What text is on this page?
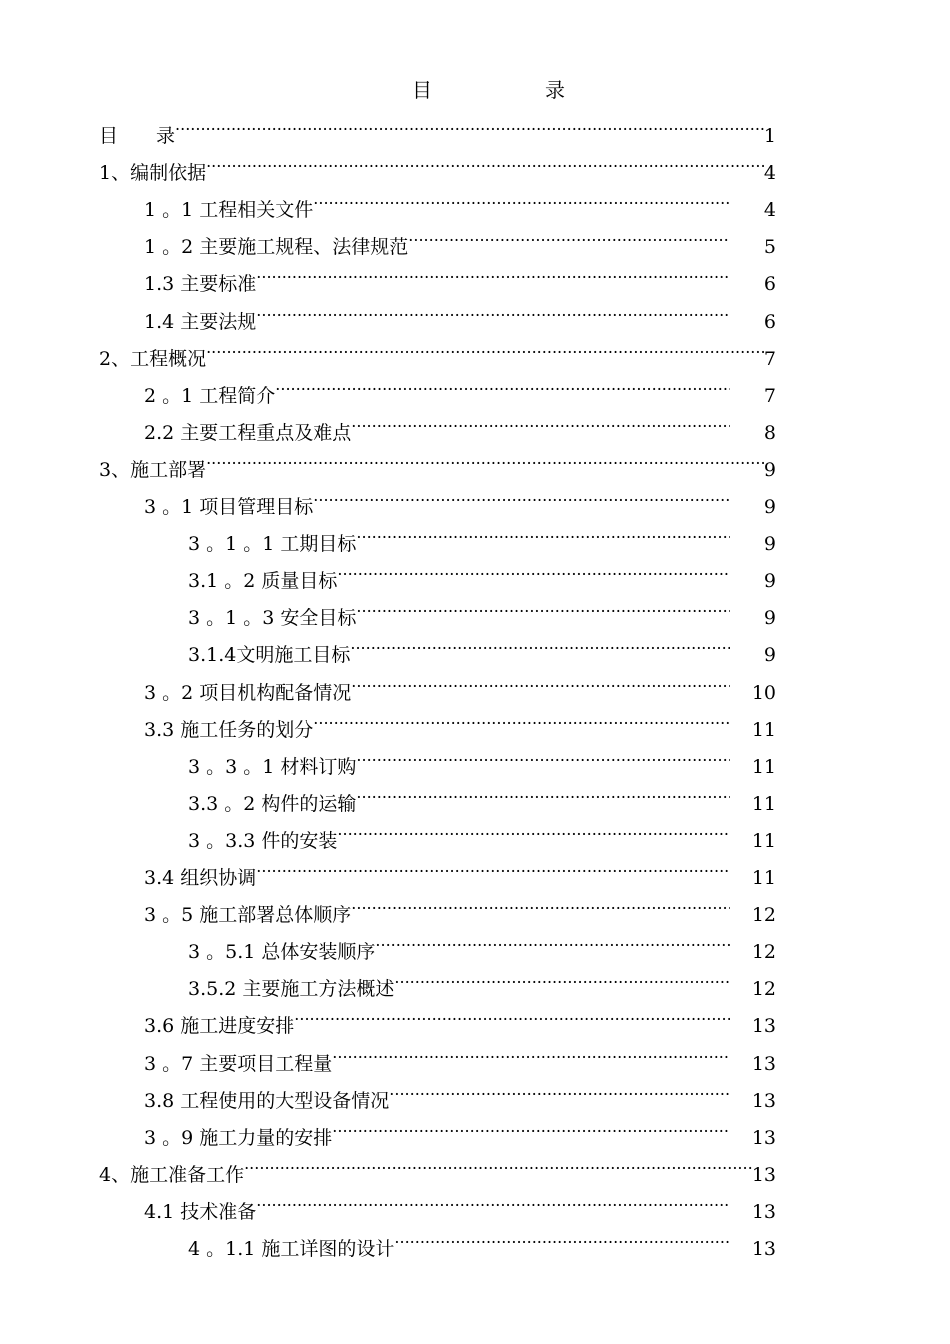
目	录
目　　录 .....	1
1、编制依据 .....	4
1 。1 工程相关文件 .....	4
1 。2 主要施工规程、法律规范 .....	5
1.3 主要标准 .....	6
1.4 主要法规 .....	6
2、工程概况 .....	7
2 。1 工程简介 .....	7
2.2 主要工程重点及难点 .....	8
3、施工部署 .....	9
3 。1 项目管理目标 .....	9
3 。1 。1 工期目标 .....	9
3.1 。2 质量目标 .....	9
3 。1 。3 安全目标 .....	9
3.1.4文明施工目标 .....	9
3 。2 项目机构配备情况 .....	10
3.3 施工任务的划分 .....	11
3 。3 。1 材料订购 .....	11
3.3 。2 构件的运输 .....	11
3 。3.3 件的安装 .....	11
3.4 组织协调 .....	11
3 。5 施工部署总体顺序 .....	12
3 。5.1 总体安装顺序 .....	12
3.5.2 主要施工方法概述 .....	12
3.6 施工进度安排 .....	13
3 。7 主要项目工程量 .....	13
3.8 工程使用的大型设备情况 .....	13
3 。9 施工力量的安排 .....	13
4、施工准备工作 .....	13
4.1 技术准备 .....	13
4 。1.1 施工详图的设计 .....	13
